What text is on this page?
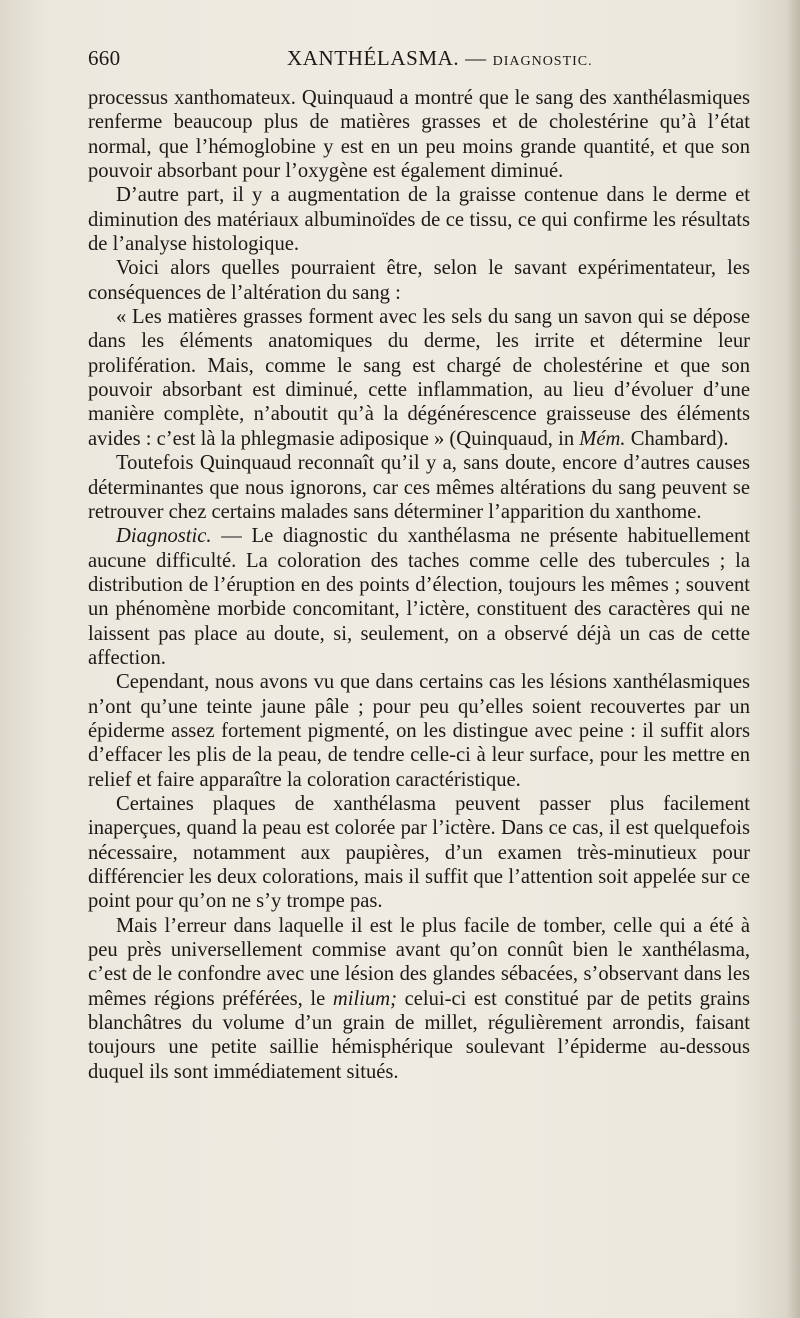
660	XANTHÉLASMA. — DIAGNOSTIC.

processus xanthomateux. Quinquaud a montré que le sang des xanthélasmiques renferme beaucoup plus de matières grasses et de cholestérine qu’à l’état normal, que l’hémoglobine y est en un peu moins grande quantité, et que son pouvoir absorbant pour l’oxygène est également diminué.

D’autre part, il y a augmentation de la graisse contenue dans le derme et diminution des matériaux albuminoïdes de ce tissu, ce qui confirme les résultats de l’analyse histologique.

Voici alors quelles pourraient être, selon le savant expérimentateur, les conséquences de l’altération du sang :

« Les matières grasses forment avec les sels du sang un savon qui se dépose dans les éléments anatomiques du derme, les irrite et détermine leur prolifération. Mais, comme le sang est chargé de cholestérine et que son pouvoir absorbant est diminué, cette inflammation, au lieu d’évoluer d’une manière complète, n’aboutit qu’à la dégénérescence graisseuse des éléments avides : c’est là la phlegmasie adiposique » (Quinquaud, in Mém. Chambard).

Toutefois Quinquaud reconnaît qu’il y a, sans doute, encore d’autres causes déterminantes que nous ignorons, car ces mêmes altérations du sang peuvent se retrouver chez certains malades sans déterminer l’apparition du xanthome.

Diagnostic. — Le diagnostic du xanthélasma ne présente habituellement aucune difficulté. La coloration des taches comme celle des tubercules ; la distribution de l’éruption en des points d’élection, toujours les mêmes ; souvent un phénomène morbide concomitant, l’ictère, constituent des caractères qui ne laissent pas place au doute, si, seulement, on a observé déjà un cas de cette affection.

Cependant, nous avons vu que dans certains cas les lésions xanthélasmiques n’ont qu’une teinte jaune pâle ; pour peu qu’elles soient recouvertes par un épiderme assez fortement pigmenté, on les distingue avec peine : il suffit alors d’effacer les plis de la peau, de tendre celle-ci à leur surface, pour les mettre en relief et faire apparaître la coloration caractéristique.

Certaines plaques de xanthélasma peuvent passer plus facilement inaperçues, quand la peau est colorée par l’ictère. Dans ce cas, il est quelquefois nécessaire, notamment aux paupières, d’un examen très-minutieux pour différencier les deux colorations, mais il suffit que l’attention soit appelée sur ce point pour qu’on ne s’y trompe pas.

Mais l’erreur dans laquelle il est le plus facile de tomber, celle qui a été à peu près universellement commise avant qu’on connût bien le xanthélasma, c’est de le confondre avec une lésion des glandes sébacées, s’observant dans les mêmes régions préférées, le milium; celui-ci est constitué par de petits grains blanchâtres du volume d’un grain de millet, régulièrement arrondis, faisant toujours une petite saillie hémisphérique soulevant l’épiderme au-dessous duquel ils sont immédiatement situés.
